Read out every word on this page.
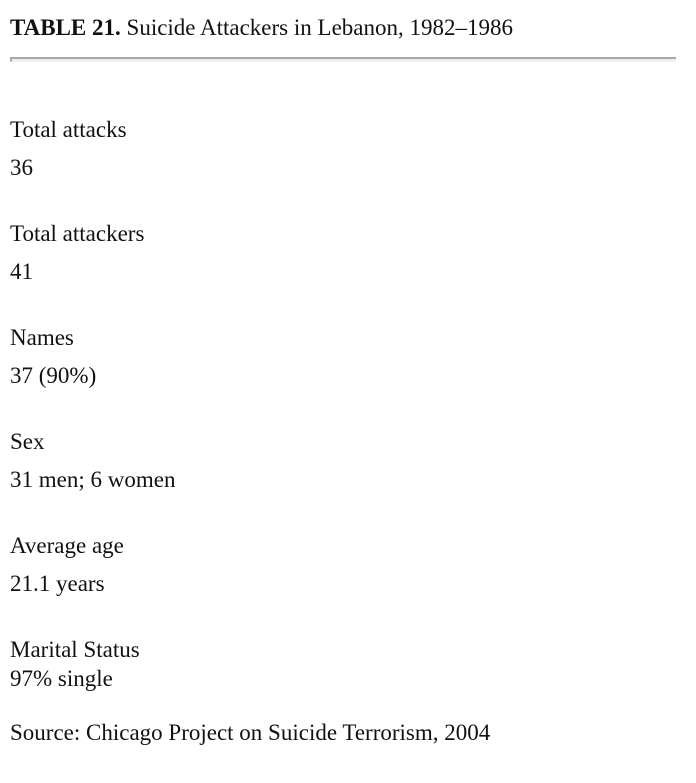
TABLE 21. Suicide Attackers in Lebanon, 1982–1986
Total attacks
36
Total attackers
41
Names
37 (90%)
Sex
31 men; 6 women
Average age
21.1 years
Marital Status
97% single
Source: Chicago Project on Suicide Terrorism, 2004
